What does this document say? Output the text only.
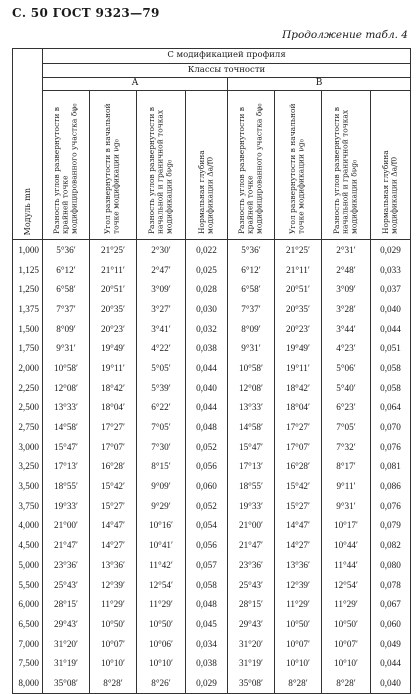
С. 50 ГОСТ 9323—79
Продолжение табл. 4
Модуль mn	С модификацией профиля							
	Классы точности							
	А				В			
	Разность углов развернутости в крайней точке модифицированного участка δφ₀	Угол развернутости в начальной точке модификации νg₀	Разность углов развернутости в начальной и граничной точках модификации δνg₀	Нормальная глубина модификации Δa/f0	Разность углов развернутости в крайней точке модифицированного участка δφ₀	Угол развернутости в начальной точке модификации νg₀	Разность углов развернутости в начальной и граничной точках модификации δνg₀	Нормальная глубина модификации Δa/f0
1,000	5°36′	21°25′	2°30′	0,022	5°36′	21°25′	2°31′	0,029
1,125	6°12′	21°11′	2°47′	0,025	6°12′	21°11′	2°48′	0,033
1,250	6°58′	20°51′	3°09′	0,028	6°58′	20°51′	3°09′	0,037
1,375	7°37′	20°35′	3°27′	0,030	7°37′	20°35′	3°28′	0,040
1,500	8°09′	20°23′	3°41′	0,032	8°09′	20°23′	3°44′	0,044
1,750	9°31′	19°49′	4°22′	0,038	9°31′	19°49′	4°23′	0,051
2,000	10°58′	19°11′	5°05′	0,044	10°58′	19°11′	5°06′	0,058
2,250	12°08′	18°42′	5°39′	0,040	12°08′	18°42′	5°40′	0,058
2,500	13°33′	18°04′	6°22′	0,044	13°33′	18°04′	6°23′	0,064
2,750	14°58′	17°27′	7°05′	0,048	14°58′	17°27′	7°05′	0,070
3,000	15°47′	17°07′	7°30′	0,052	15°47′	17°07′	7°32′	0,076
3,250	17°13′	16°28′	8°15′	0,056	17°13′	16°28′	8°17′	0,081
3,500	18°55′	15°42′	9°09′	0,060	18°55′	15°42′	9°11′	0,086
3,750	19°33′	15°27′	9°29′	0,052	19°33′	15°27′	9°31′	0,076
4,000	21°00′	14°47′	10°16′	0,054	21°00′	14°47′	10°17′	0,079
4,500	21°47′	14°27′	10°41′	0,056	21°47′	14°27′	10°44′	0,082
5,000	23°36′	13°36′	11°42′	0,057	23°36′	13°36′	11°44′	0,080
5,500	25°43′	12°39′	12°54′	0,058	25°43′	12°39′	12°54′	0,078
6,000	28°15′	11°29′	11°29′	0,048	28°15′	11°29′	11°29′	0,067
6,500	29°43′	10°50′	10°50′	0,045	29°43′	10°50′	10°50′	0,060
7,000	31°20′	10°07′	10°06′	0,034	31°20′	10°07′	10°07′	0,049
7,500	31°19′	10°10′	10°10′	0,038	31°19′	10°10′	10°10′	0,044
8,000	35°08′	8°28′	8°26′	0,029	35°08′	8°28′	8°28′	0,040
